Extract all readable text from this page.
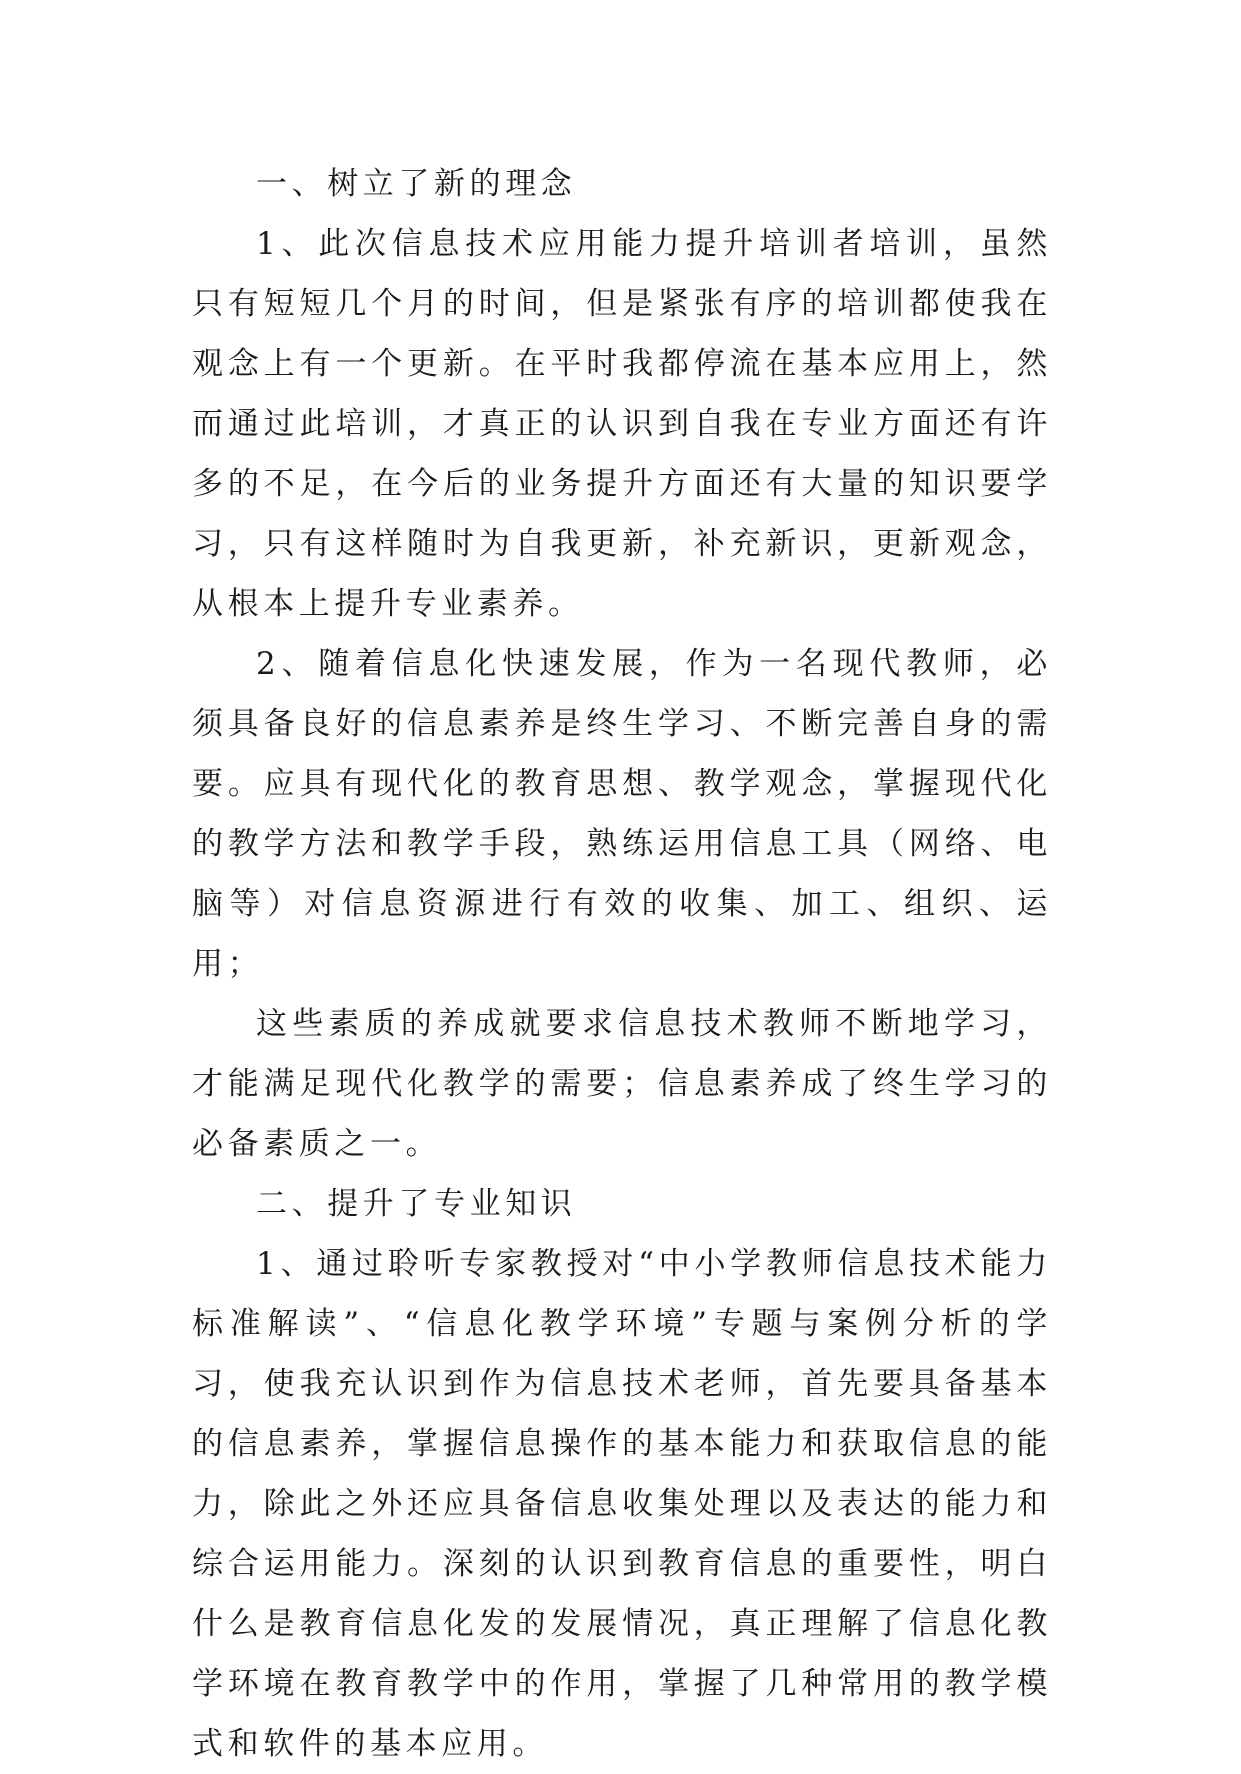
一、树立了新的理念

1、此次信息技术应用能力提升培训者培训，虽然只有短短几个月的时间，但是紧张有序的培训都使我在观念上有一个更新。在平时我都停流在基本应用上，然而通过此培训，才真正的认识到自我在专业方面还有许多的不足，在今后的业务提升方面还有大量的知识要学习，只有这样随时为自我更新，补充新识，更新观念，从根本上提升专业素养。

2、随着信息化快速发展，作为一名现代教师，必须具备良好的信息素养是终生学习、不断完善自身的需要。应具有现代化的教育思想、教学观念，掌握现代化的教学方法和教学手段，熟练运用信息工具（网络、电脑等）对信息资源进行有效的收集、加工、组织、运用；

这些素质的养成就要求信息技术教师不断地学习，才能满足现代化教学的需要；信息素养成了终生学习的必备素质之一。

二、提升了专业知识

1、通过聆听专家教授对“中小学教师信息技术能力标准解读”、“信息化教学环境”专题与案例分析的学习，使我充认识到作为信息技术老师，首先要具备基本的信息素养，掌握信息操作的基本能力和获取信息的能力，除此之外还应具备信息收集处理以及表达的能力和综合运用能力。深刻的认识到教育信息的重要性，明白什么是教育信息化发的发展情况，真正理解了信息化教学环境在教育教学中的作用，掌握了几种常用的教学模式和软件的基本应用。
